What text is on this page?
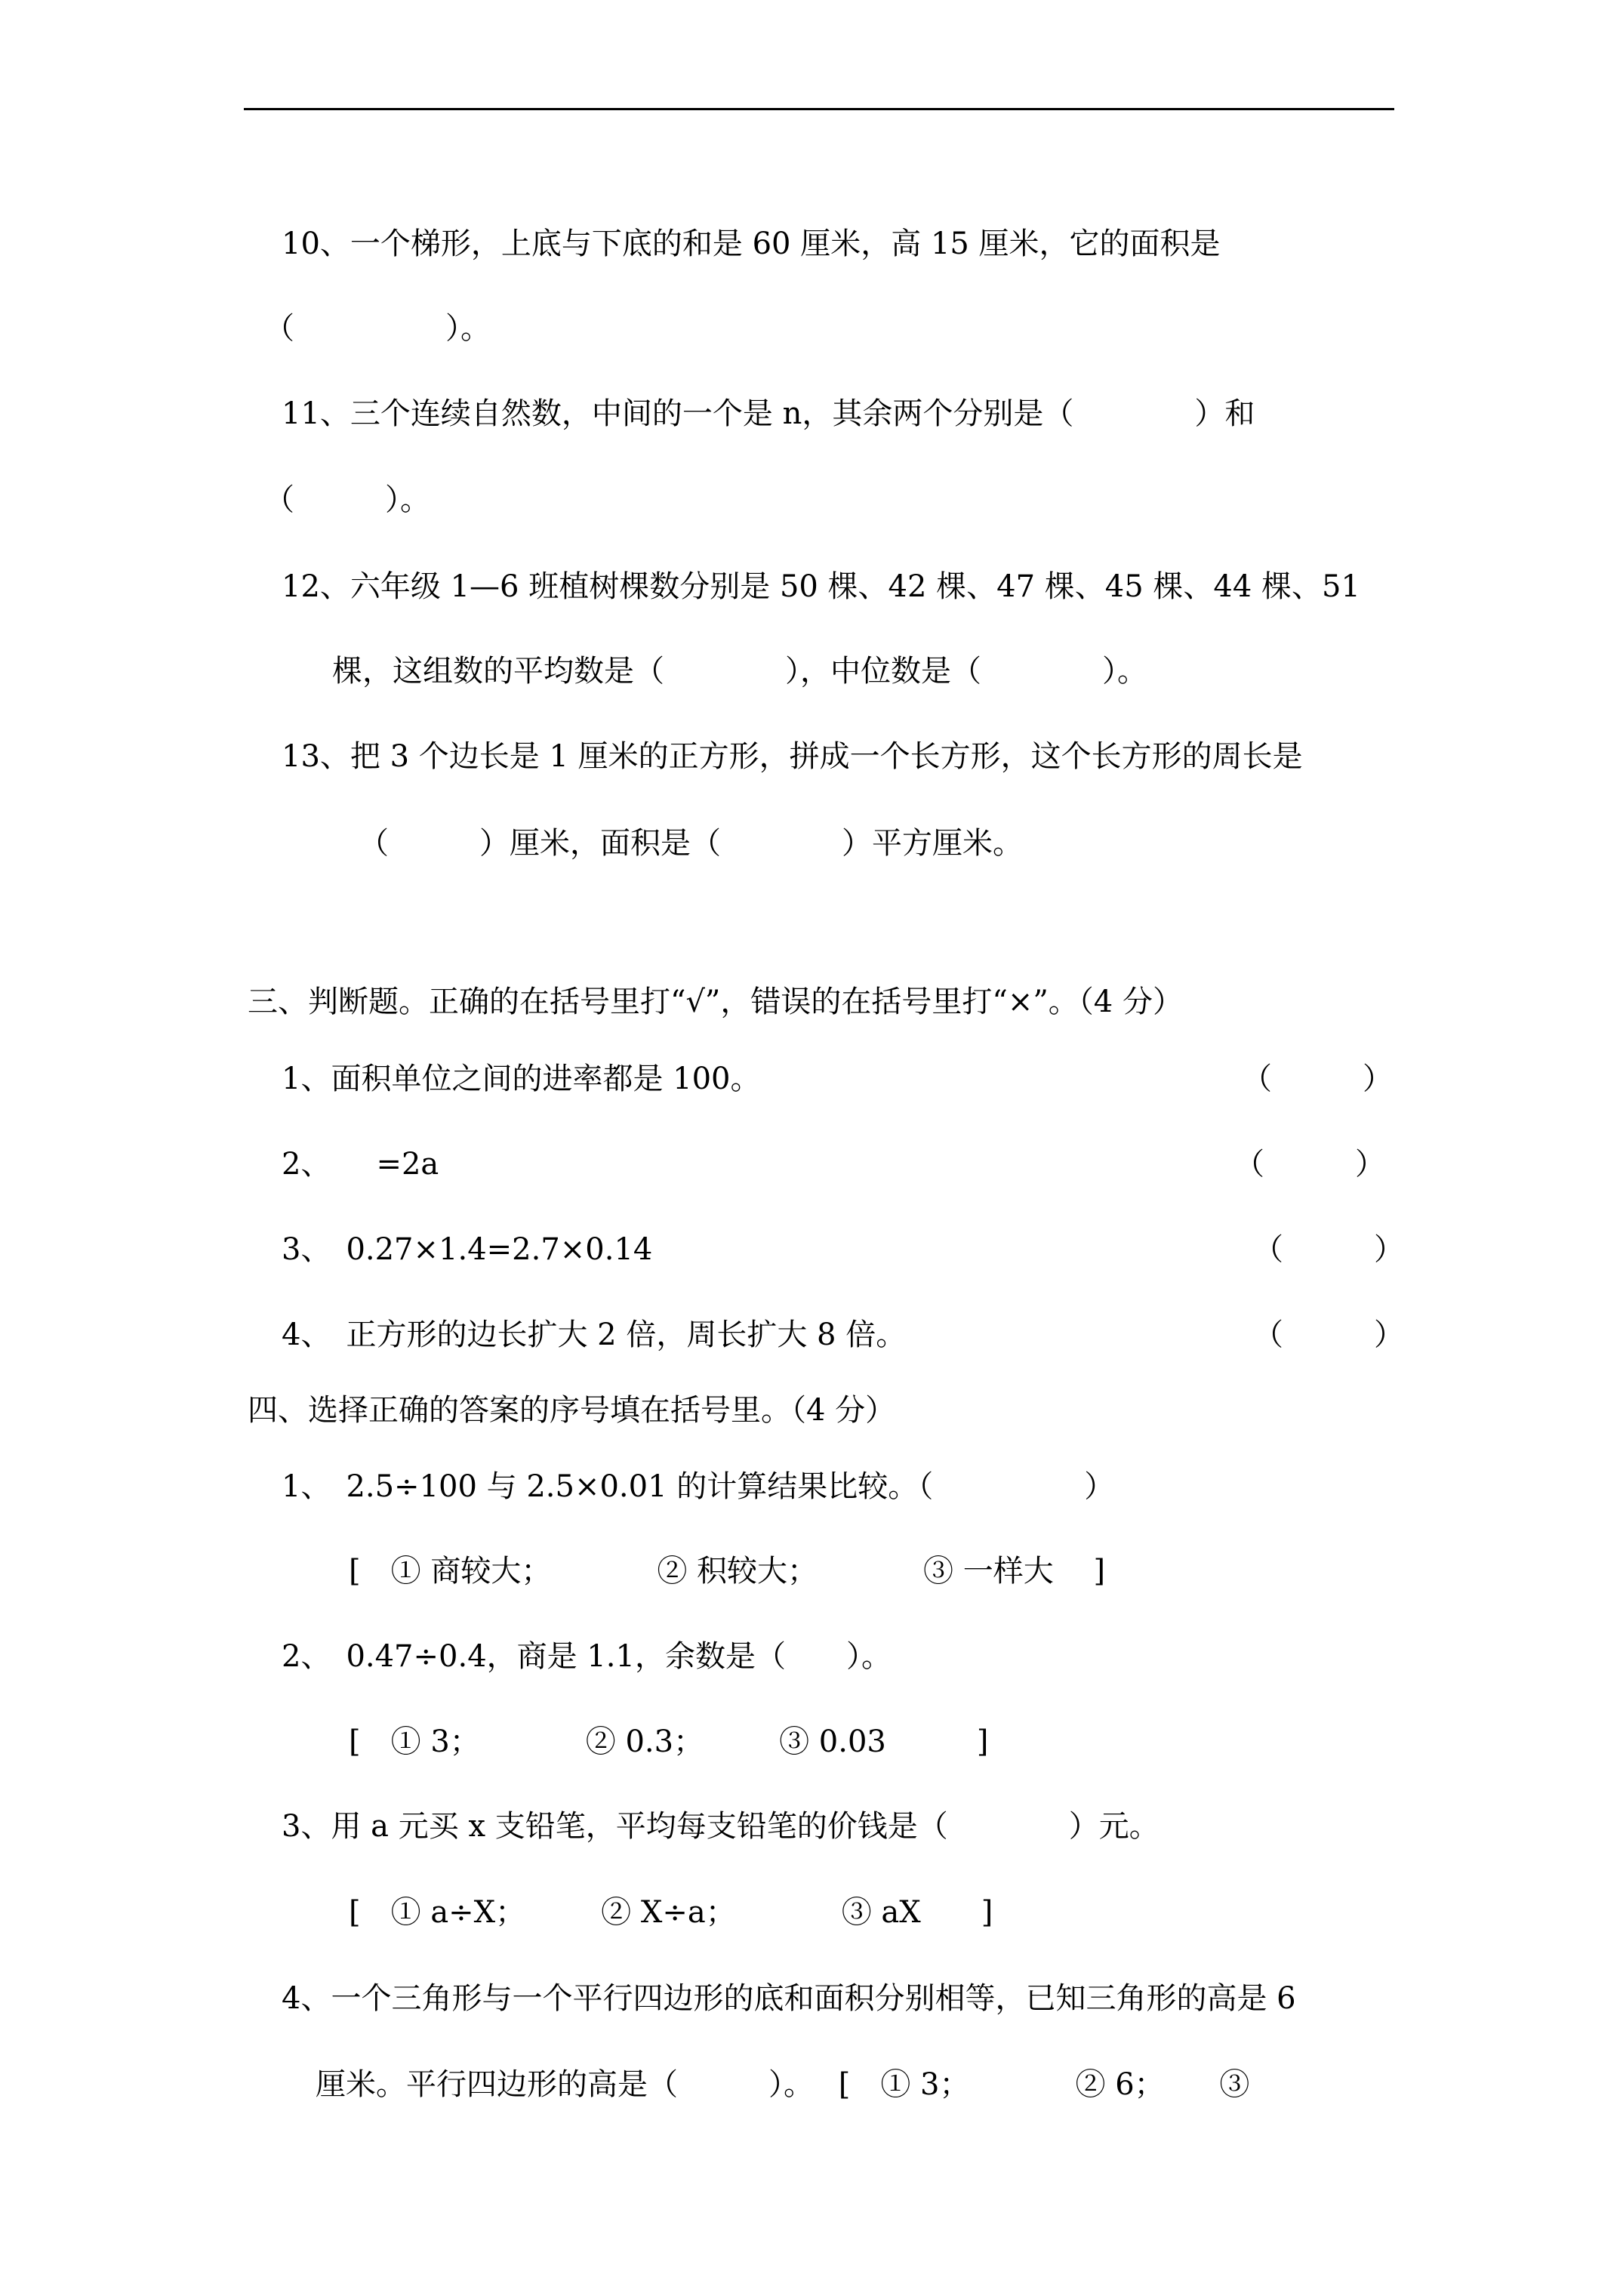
10、一个梯形，上底与下底的和是 60 厘米，高 15 厘米，它的面积是
（　　　　　）。
11、三个连续自然数，中间的一个是 n，其余两个分别是（　　　　）和
（　　　）。
12、六年级 1—6 班植树棵数分别是 50 棵、42 棵、47 棵、45 棵、44 棵、51
棵，这组数的平均数是（　　　　），中位数是（　　　　）。
13、把 3 个边长是 1 厘米的正方形，拼成一个长方形，这个长方形的周长是
（　　　）厘米，面积是（　　　　）平方厘米。
三、判断题。正确的在括号里打“√”，错误的在括号里打“×”。（4 分）
1、面积单位之间的进率都是 100。	（　　　）
2、　　=2a	（　　　）
3、　0.27×1.4=2.7×0.14	（　　　）
4、　正方形的边长扩大 2 倍，周长扩大 8 倍。	（　　　）
四、选择正确的答案的序号填在括号里。（4 分）
1、　2.5÷100 与 2.5×0.01 的计算结果比较。（　　　　　）
[　① 商较大；　　　　② 积较大；　　　　③ 一样大　 ]
2、　0.47÷0.4，商是 1.1，余数是（　　）。
[　① 3；　　　　② 0.3；　　　③ 0.03　　　]
3、用 a 元买 x 支铅笔，平均每支铅笔的价钱是（　　　　）元。
[　① a÷X；　　　② X÷a；　　　　③ aX　　]
4、一个三角形与一个平行四边形的底和面积分别相等，已知三角形的高是 6
厘米。平行四边形的高是（　　　）。　 [　① 3；　　　　② 6；　　 ③
